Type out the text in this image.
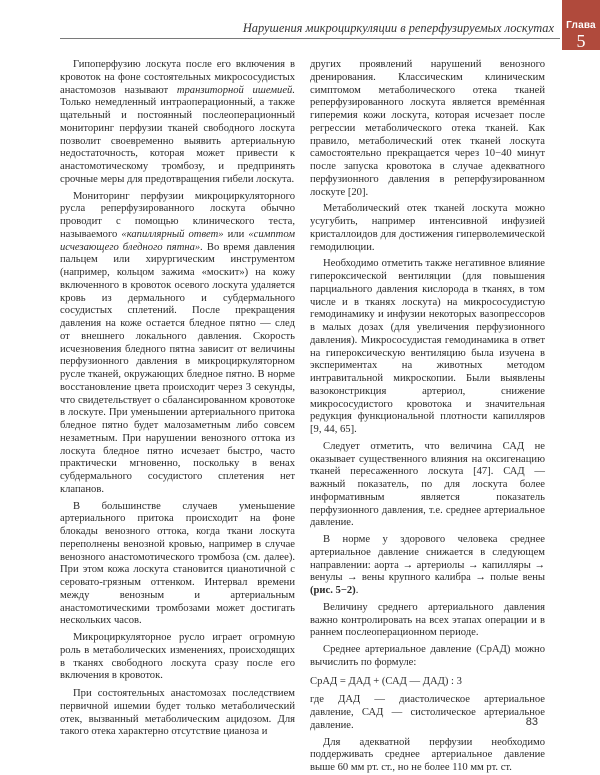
Глава
5
Нарушения микроциркуляции в реперфузируемых лоскутах

Гипоперфузию лоскута после его включения в кровоток на фоне состоятельных микрососудистых анастомозов называют транзиторной ишемией. Только немедленный интраоперационный, а также щательный и постоянный послеоперационный мониторинг перфузии тканей свободного лоскута позволит своевременно выявить артериальную недостаточность, которая может привести к анастомотическому тромбозу, и предпринять срочные меры для предотвращения гибели лоскута.

Мониторинг перфузии микроциркуляторного русла реперфузированного лоскута обычно проводит с помощью клинического теста, называемого «капиллярный ответ» или «симптом исчезающего бледного пятна». Во время давления пальцем или хирургическим инструментом (например, кольцом зажима «москит») на кожу включенного в кровоток осевого лоскута удаляется кровь из дермального и субдермального сосудистых сплетений. После прекращения давления на коже остается бледное пятно — след от внешнего локального давления. Скорость исчезновения бледного пятна зависит от величины перфузионного давления в микроциркуляторном русле тканей, окружающих бледное пятно. В норме восстановление цвета происходит через 3 секунды, что свидетельствует о сбалансированном кровотоке в лоскуте. При уменьшении артериального притока бледное пятно будет малозаметным либо совсем незаметным. При нарушении венозного оттока из лоскута бледное пятно исчезает быстро, часто практически мгновенно, поскольку в венах субдермального сосудистого сплетения нет клапанов.

В большинстве случаев уменьшение артериального притока происходит на фоне блокады венозного оттока, когда ткани лоскута переполнены венозной кровью, например в случае венозного анастомотического тромбоза (см. далее). При этом кожа лоскута становится цианотичной с серовато-грязным оттенком. Интервал времени между венозным и артериальным анастомотическими тромбозами может достигать нескольких часов.

Микроциркуляторное русло играет огромную роль в метаболических изменениях, происходящих в тканях свободного лоскута сразу после его включения в кровоток.

При состоятельных анастомозах последствием первичной ишемии будет только метаболический отек, вызванный метаболическим ацидозом. Для такого отека характерно отсутствие цианоза и

других проявлений нарушений венозного дренирования. Классическим клиническим симптомом метаболического отека тканей реперфузированного лоскута является времéнная гиперемия кожи лоскута, которая исчезает после регрессии метаболического отека тканей. Как правило, метаболический отек тканей лоскута самостоятельно прекращается через 10−40 минут после запуска кровотока в случае адекватного перфузионного давления в реперфузированном лоскуте [20].

Метаболический отек тканей лоскута можно усугубить, например интенсивной инфузией кристаллоидов для достижения гиперволемической гемодилюции.

Необходимо отметить также негативное влияние гипероксической вентиляции (для повышения парциального давления кислорода в тканях, в том числе и в тканях лоскута) на микрососудистую гемодинамику и инфузии некоторых вазопрессоров в малых дозах (для увеличения перфузионного давления). Микрососудистая гемодинамика в ответ на гипероксическую вентиляцию была изучена в экспериментах на животных методом интравитальной микроскопии. Были выявлены вазоконстрикция артериол, снижение микрососудистого кровотока и значительная редукция функциональной плотности капилляров [9, 44, 65].

Следует отметить, что величина САД не оказывает существенного влияния на оксигенацию тканей пересаженного лоскута [47]. САД — важный показатель, по для лоскута более информативным является показатель перфузионного давления, т.е. среднее артериальное давление.

В норме у здорового человека среднее артериальное давление снижается в следующем направлении: аорта → артериолы → капилляры → венулы → вены крупного калибра → полые вены (рис. 5−2).

Величину среднего артериального давления важно контролировать на всех этапах операции и в раннем послеоперационном периоде.

Среднее артериальное давление (СрАД) можно вычислить по формуле:

СрАД = ДАД + (САД — ДАД) : 3

где ДАД — диастолическое артериальное давление, САД — систолическое артериальное давление.

Для адекватной перфузии необходимо поддерживать среднее артериальное давление выше 60 мм рт. ст., но не более 110 мм рт. ст.

83
